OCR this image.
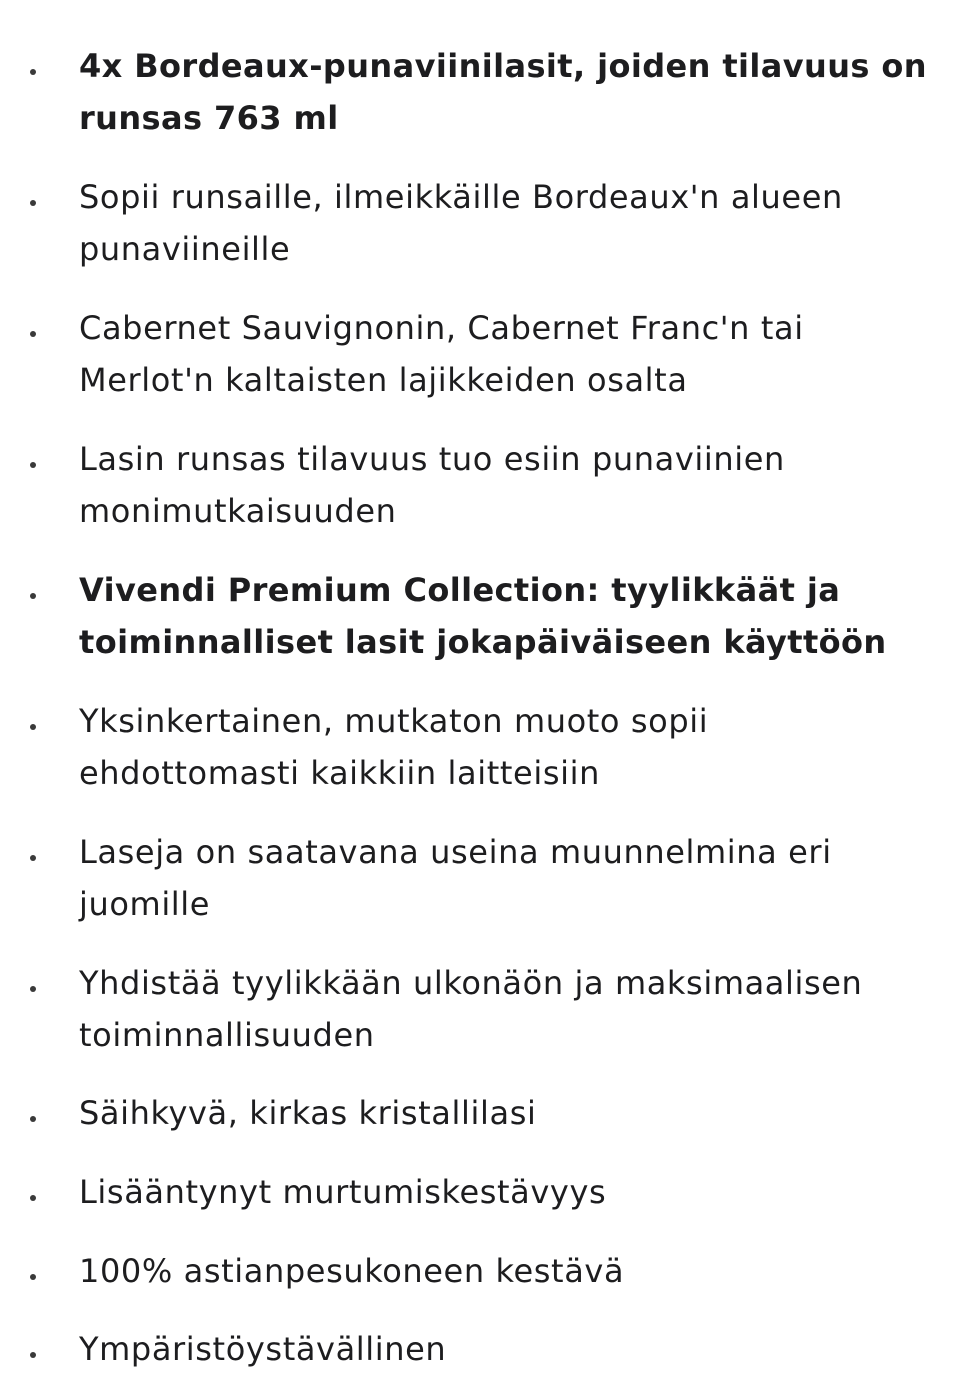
4x Bordeaux-punaviinilasit, joiden tilavuus on runsas 763 ml
Sopii runsaille, ilmeikkäille Bordeaux'n alueen punaviineille
Cabernet Sauvignonin, Cabernet Franc'n tai Merlot'n kaltaisten lajikkeiden osalta
Lasin runsas tilavuus tuo esiin punaviinien monimutkaisuuden
Vivendi Premium Collection: tyylikkäät ja toiminnalliset lasit jokapäiväiseen käyttöön
Yksinkertainen, mutkaton muoto sopii ehdottomasti kaikkiin laitteisiin
Laseja on saatavana useina muunnelmina eri juomille
Yhdistää tyylikkään ulkonäön ja maksimaalisen toiminnallisuuden
Säihkyvä, kirkas kristallilasi
Lisääntynyt murtumiskestävyys
100% astianpesukoneen kestävä
Ympäristöystävällinen
